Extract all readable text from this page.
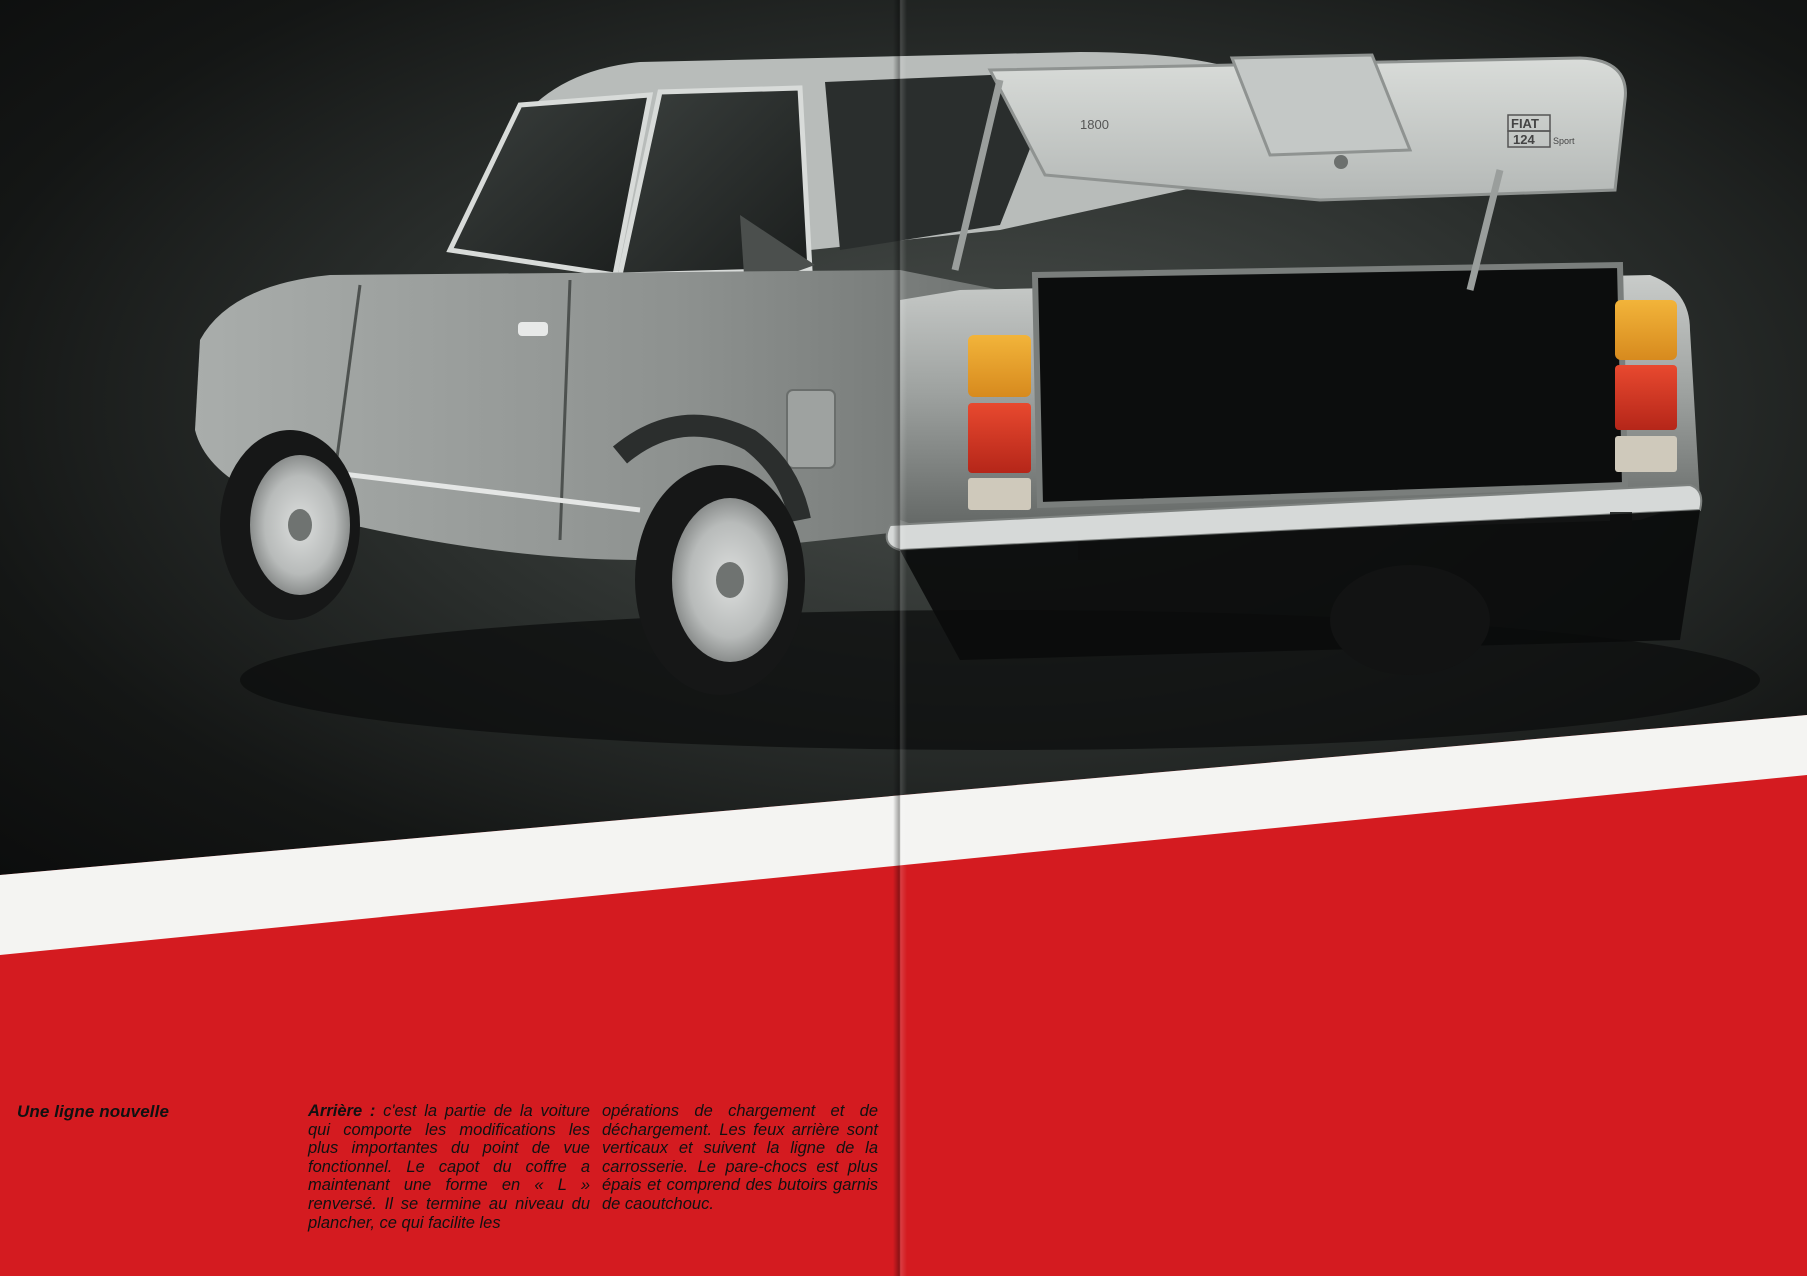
1800	FIAT
124 Sport
Une ligne nouvelle	Arrière : c'est la partie de la voiture qui comporte les modifications les plus importantes du point de vue fonctionnel. Le capot du coffre a maintenant une forme en « L » renversé. Il se termine au niveau du plancher, ce qui facilite les
opérations de chargement et de déchargement. Les feux arrière sont verticaux et suivent la ligne de la carrosserie. Le pare-chocs est plus épais et comprend des butoirs garnis de caoutchouc.
